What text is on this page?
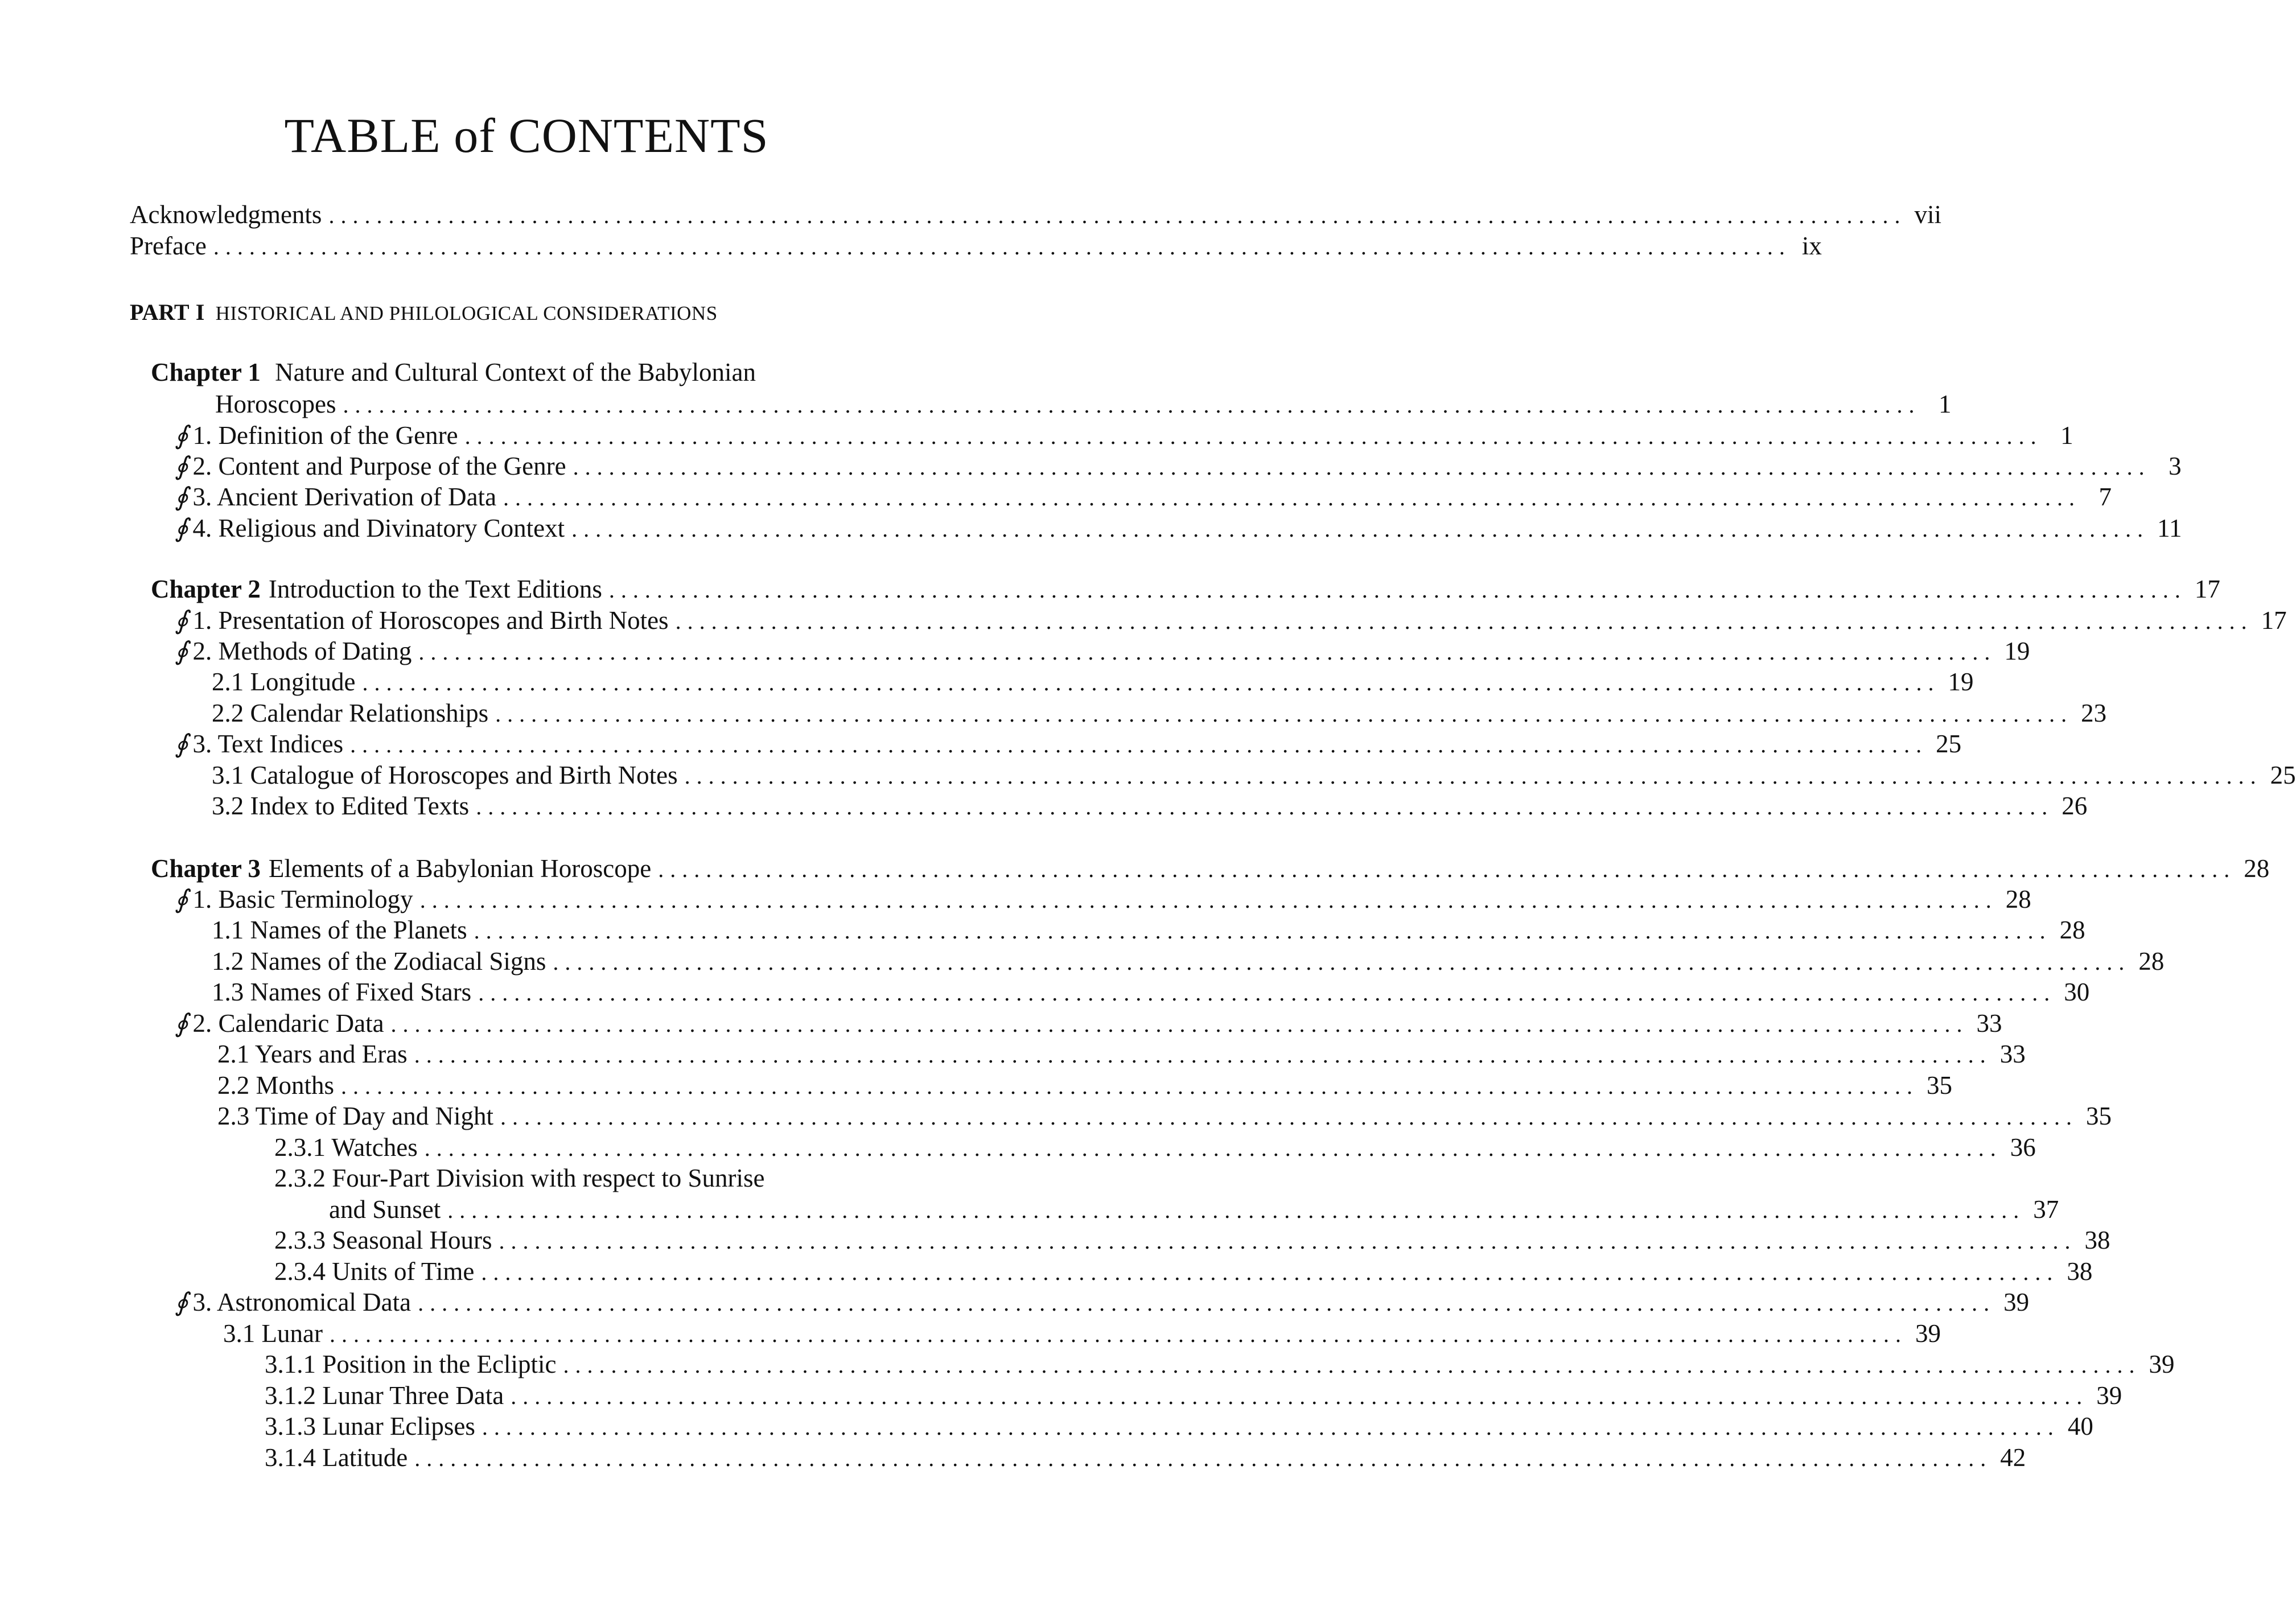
TABLE of CONTENTS
Acknowledgments .................................................................................................................................... vii
Preface .................................................................................................................................... ix
PART I HISTORICAL AND PHILOLOGICAL CONSIDERATIONS
Chapter 1 Nature and Cultural Context of the Babylonian
Horoscopes .................................................................................................................................... 1
∮ 1. Definition of the Genre .................................................................................................................................... 1
∮ 2. Content and Purpose of the Genre .................................................................................................................................... 3
∮ 3. Ancient Derivation of Data .................................................................................................................................... 7
∮ 4. Religious and Divinatory Context .................................................................................................................................... 11
Chapter 2 Introduction to the Text Editions .................................................................................................................................... 17
∮ 1. Presentation of Horoscopes and Birth Notes .................................................................................................................................... 17
∮ 2. Methods of Dating .................................................................................................................................... 19
2.1 Longitude .................................................................................................................................... 19
2.2 Calendar Relationships .................................................................................................................................... 23
∮ 3. Text Indices .................................................................................................................................... 25
3.1 Catalogue of Horoscopes and Birth Notes .................................................................................................................................... 25
3.2 Index to Edited Texts .................................................................................................................................... 26
Chapter 3 Elements of a Babylonian Horoscope .................................................................................................................................... 28
∮ 1. Basic Terminology .................................................................................................................................... 28
1.1 Names of the Planets .................................................................................................................................... 28
1.2 Names of the Zodiacal Signs .................................................................................................................................... 28
1.3 Names of Fixed Stars .................................................................................................................................... 30
∮ 2. Calendaric Data .................................................................................................................................... 33
2.1 Years and Eras .................................................................................................................................... 33
2.2 Months .................................................................................................................................... 35
2.3 Time of Day and Night .................................................................................................................................... 35
2.3.1 Watches .................................................................................................................................... 36
2.3.2 Four-Part Division with respect to Sunrise
and Sunset .................................................................................................................................... 37
2.3.3 Seasonal Hours .................................................................................................................................... 38
2.3.4 Units of Time .................................................................................................................................... 38
∮ 3. Astronomical Data .................................................................................................................................... 39
3.1 Lunar .................................................................................................................................... 39
3.1.1 Position in the Ecliptic .................................................................................................................................... 39
3.1.2 Lunar Three Data .................................................................................................................................... 39
3.1.3 Lunar Eclipses .................................................................................................................................... 40
3.1.4 Latitude .................................................................................................................................... 42
